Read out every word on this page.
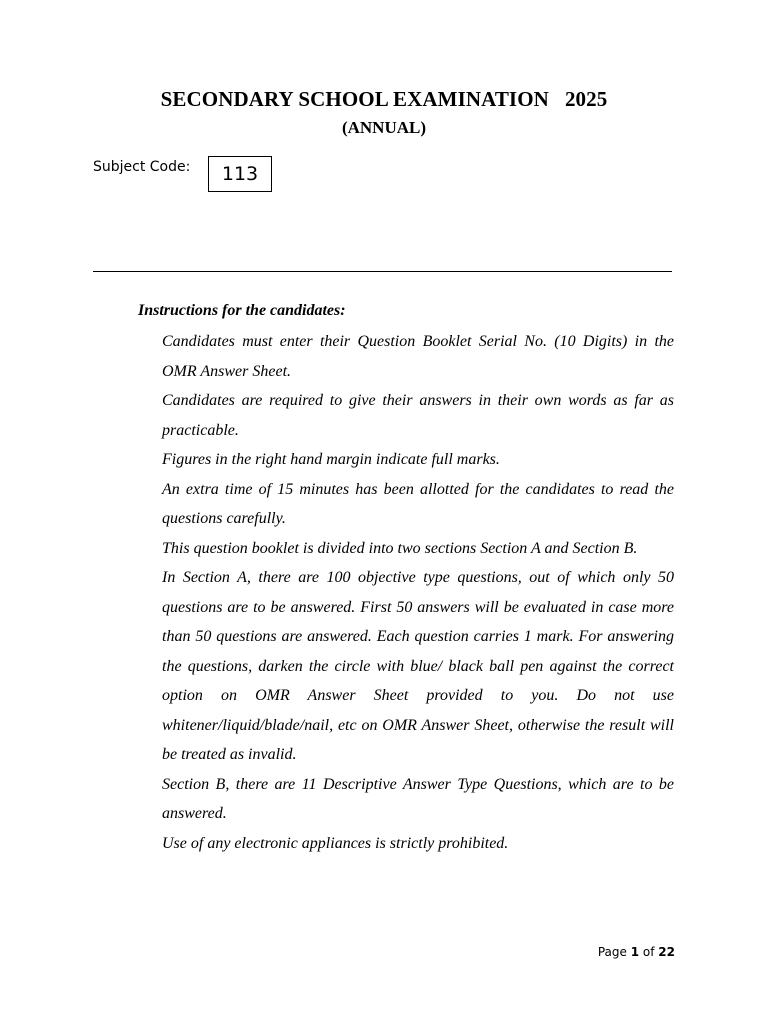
SECONDARY SCHOOL EXAMINATION   2025
(ANNUAL)
Subject Code: 113
Instructions for the candidates:
Candidates must enter their Question Booklet Serial No. (10 Digits) in the OMR Answer Sheet.
Candidates are required to give their answers in their own words as far as practicable.
Figures in the right hand margin indicate full marks.
An extra time of 15 minutes has been allotted for the candidates to read the questions carefully.
This question booklet is divided into two sections Section A and Section B.
In Section A, there are 100 objective type questions, out of which only 50 questions are to be answered. First 50 answers will be evaluated in case more than 50 questions are answered. Each question carries 1 mark. For answering the questions, darken the circle with blue/ black ball pen against the correct option on OMR Answer Sheet provided to you. Do not use whitener/liquid/blade/nail, etc on OMR Answer Sheet, otherwise the result will be treated as invalid.
Section B, there are 11 Descriptive Answer Type Questions, which are to be answered.
Use of any electronic appliances is strictly prohibited.
Page 1 of 22
